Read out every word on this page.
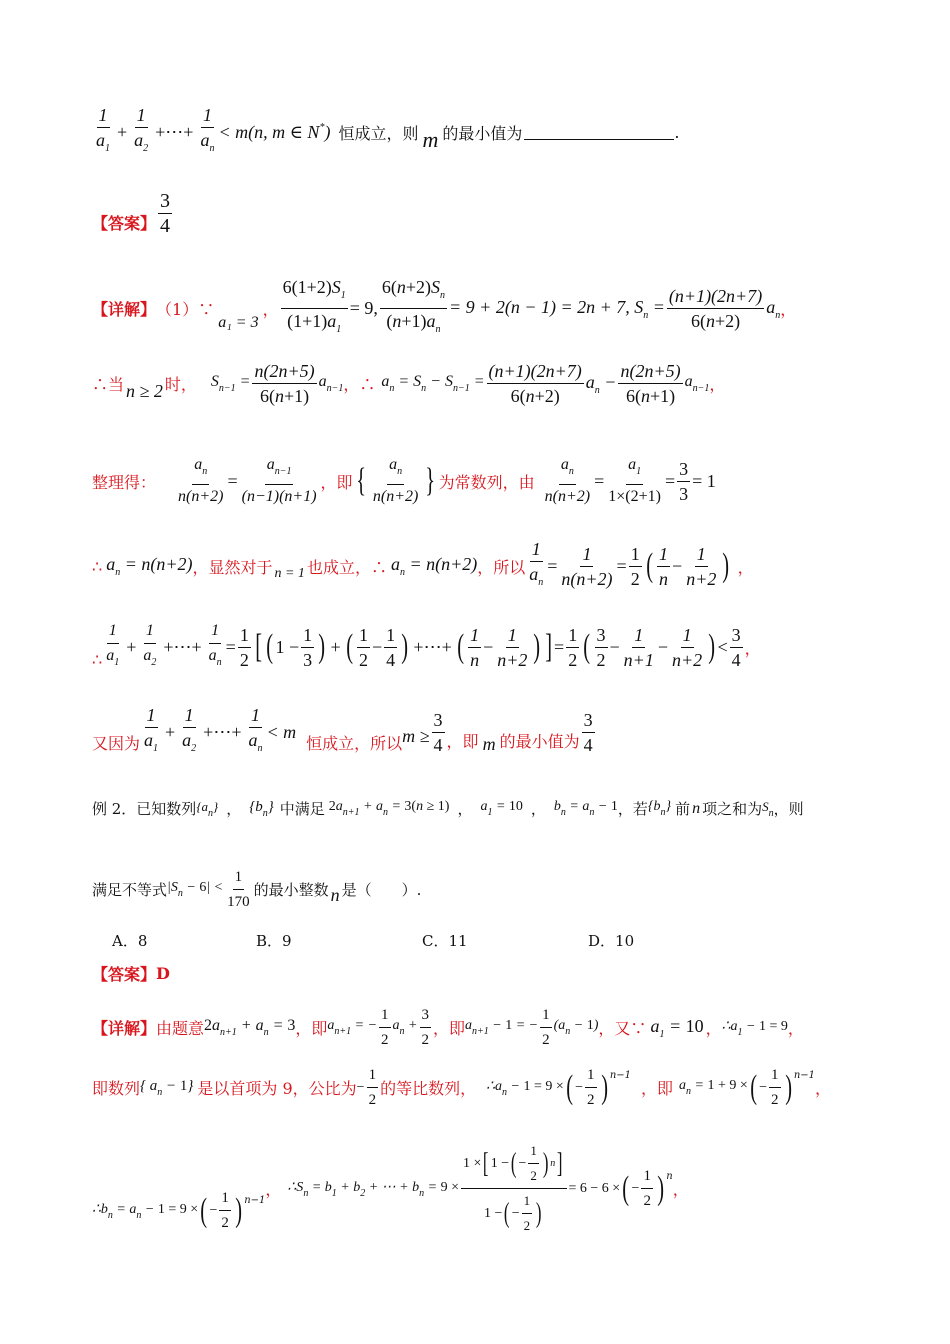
$\frac{1}{a_1} + \frac{1}{a_2}$ +⋯+ $\frac{1}{a_n} < m(n$, m ∈ N*) 恒成立，则 m 的最小值为	.
【答案】 $\frac{3}{4}$
【详解】 （1）∵
a₁ = 3
， $\frac{6(1+2)S_1}{(1+1)a_1} = 9$, $\frac{6(n+2)S_n}{(n+1)a_n} = 9 + 2(n - 1) = 2n + 7$, $S_n = \frac{(n+1)(2n+7)}{6(n+2)} a_n$ ，
∴当 n ≥ 2 时， $S_{n-1} = \frac{n(2n+5)}{6(n+1)} a_{n-1}$ ，∴ $a_n = S_n - S_{n-1} = \frac{(n+1)(2n+7)}{6(n+2)} a_n - \frac{n(2n+5)}{6(n+1)} a_{n-1}$ ，
整理得： $\frac{a_n}{n(n+2)} = \frac{a_{n-1}}{(n-1)(n+1)}$ ，即 { $\frac{a_n}{n(n+2)}$ } 为常数列，由 $\frac{a_n}{n(n+2)} = \frac{a_1}{1\times(2+1)} = \frac{3}{3} = 1$
∴ $a_n = n(n+2)$ ，显然对于 n = 1 也成立，∴ $a_n = n(n+2)$ ，所以 $\frac{1}{a_n} = \frac{1}{n(n+2)} = \frac{1}{2}$ ( $\frac{1}{n} - \frac{1}{n+2}$ ) ，
∴ $\frac{1}{a_1} + \frac{1}{a_2}$ +⋯+ $\frac{1}{a_n} = \frac{1}{2}$ [ ( $1 - \frac{1}{3}$ ) + ( $\frac{1}{2} - \frac{1}{4}$ ) +⋯+ ( $\frac{1}{n} - \frac{1}{n+2}$ ) ] = $\frac{1}{2}$ ( $\frac{3}{2} - \frac{1}{n+1} - \frac{1}{n+2}$ ) < $\frac{3}{4}$ ，
又因为 $\frac{1}{a_1} + \frac{1}{a_2}$ +⋯+ $\frac{1}{a_n} < m$
恒成立，所以 $m \ge \frac{3}{4}$ ，即 m 的最小值为 $\frac{3}{4}$
例 2．已知数列 $\{a_n\}$ ， $\{b_n\}$ 中满足 $2a_{n+1} + a_n = 3(n \ge 1)$ ， $a_1 = 10$ ， $b_n = a_n - 1$ ，若 $\{b_n\}$ 前 n 项之和为 $S_n$ ，则
满足不等式 $|S_n - 6| < \frac{1}{170}$ 的最小整数 n 是（　　）.
A．8	B．9	C．11	D．10
【答案】 D
【详解】 由题意 $2a_{n+1} + a_n = 3$ ，即 $a_{n+1}$ = − $\frac{1}{2} a_n + \frac{3}{2}$ ，即 $a_{n+1} - 1$ = − $\frac{1}{2} (a_n - 1)$ ，又∵ $a_1 = 10$ ， $\therefore a_1 - 1 = 9$ ，
即数列 { $a_n - 1$} 是以首项为 9，公比为 − $\frac{1}{2}$ 的等比数列， $\therefore a_n - 1 = 9$ × ( − $\frac{1}{2}$ ) n−1
，即 $a_n = 1 + 9$ × ( − $\frac{1}{2}$ ) n−1
，
$\therefore b_n = a_n - 1 = 9$ × ( − $\frac{1}{2}$ ) n−1
， $\therefore S_n = b_1 + b_2$ + ⋯ + $b_n = 9 \times \frac{1 \times [ 1 - ( - \frac{1}{2} ) n ]}{1 - ( - \frac{1}{2} )} = 6 - 6$ × ( − $\frac{1}{2}$ ) n
，
